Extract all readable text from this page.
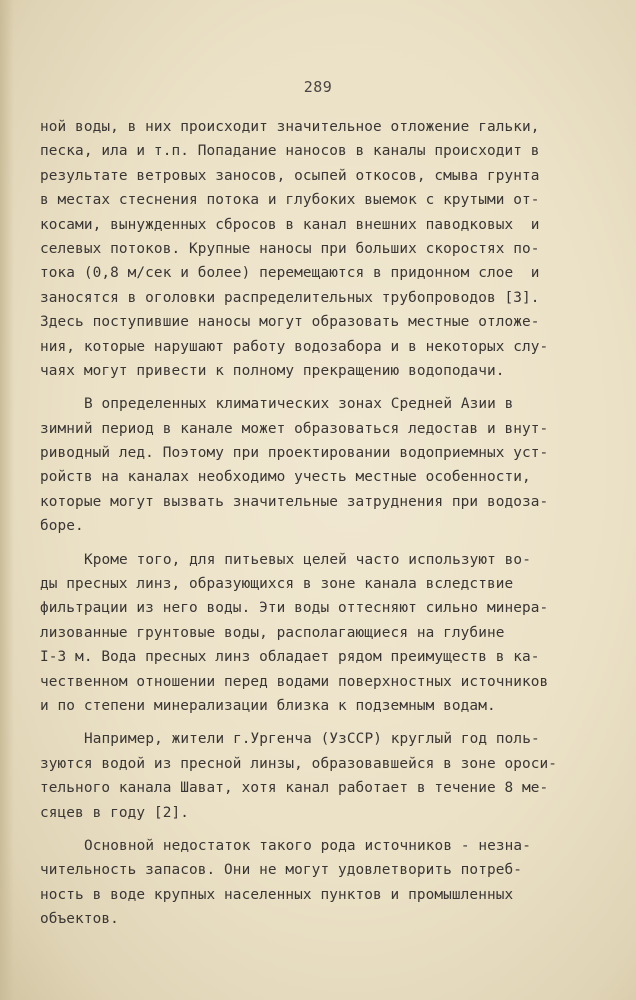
289
ной воды, в них происходит значительное отложение гальки,
песка, ила и т.п. Попадание наносов в каналы происходит в
результате ветровых заносов, осыпей откосов, смыва грунта
в местах стеснения потока и глубоких выемок с крутыми от-
косами, вынужденных сбросов в канал внешних паводковых  и
селевых потоков. Крупные наносы при больших скоростях по-
тока (0,8 м/сек и более) перемещаются в придонном слое  и
заносятся в оголовки распределительных трубопроводов [3].
Здесь поступившие наносы могут образовать местные отложе-
ния, которые нарушают работу водозабора и в некоторых слу-
чаях могут привести к полному прекращению водоподачи.
В определенных климатических зонах Средней Азии в
зимний период в канале может образоваться ледостав и внут-
риводный лед. Поэтому при проектировании водоприемных уст-
ройств на каналах необходимо учесть местные особенности,
которые могут вызвать значительные затруднения при водоза-
боре.
Кроме того, для питьевых целей часто используют во-
ды пресных линз, образующихся в зоне канала вследствие
фильтрации из него воды. Эти воды оттесняют сильно минера-
лизованные грунтовые воды, располагающиеся на глубине
I-3 м. Вода пресных линз обладает рядом преимуществ в ка-
чественном отношении перед водами поверхностных источников
и по степени минерализации близка к подземным водам.
Например, жители г.Ургенча (УзССР) круглый год поль-
зуются водой из пресной линзы, образовавшейся в зоне ороси-
тельного канала Шават, хотя канал работает в течение 8 ме-
сяцев в году [2].
Основной недостаток такого рода источников - незна-
чительность запасов. Они не могут удовлетворить потреб-
ность в воде крупных населенных пунктов и промышленных
объектов.
